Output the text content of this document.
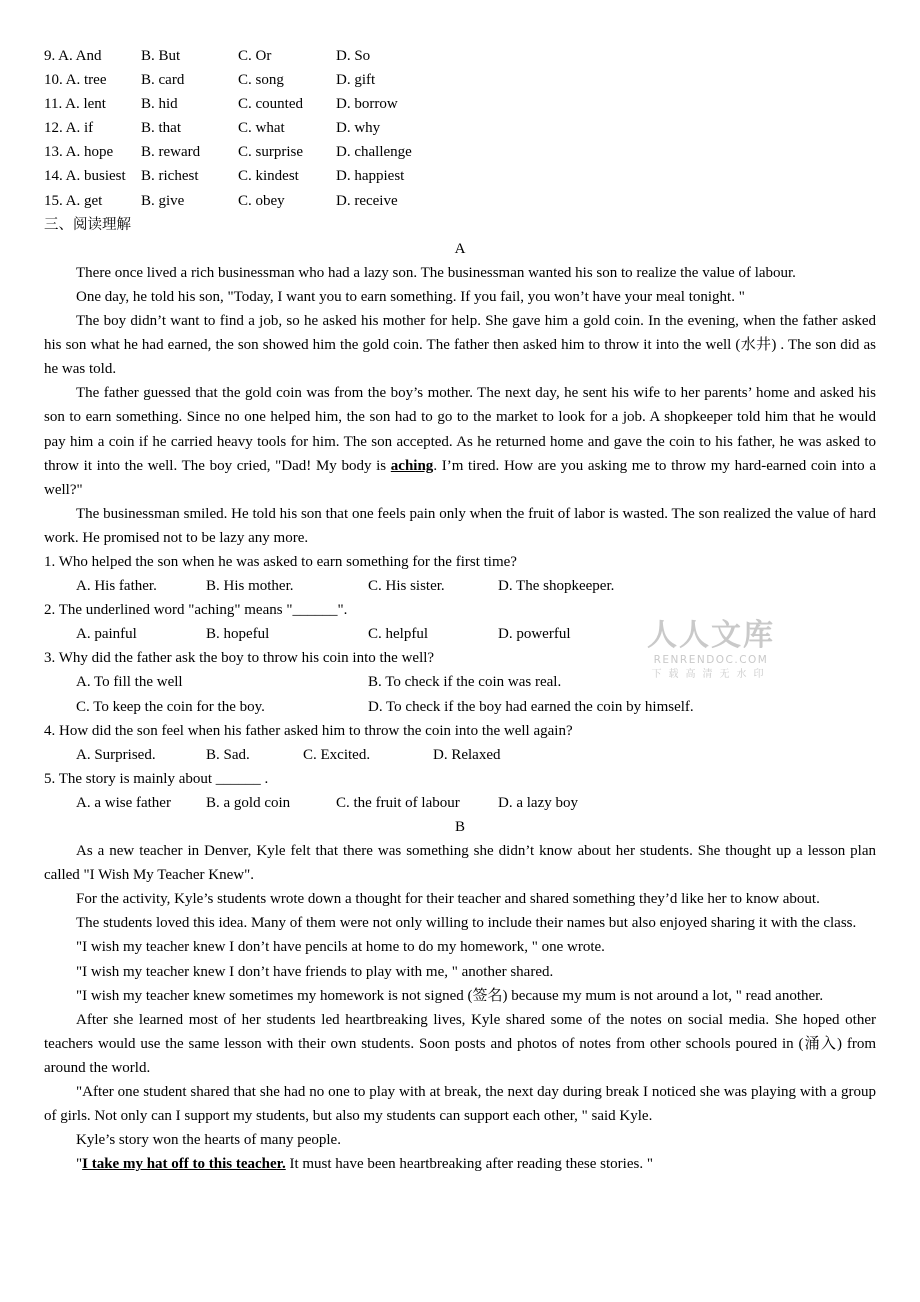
9. A. And	B. But	C. Or	D. So
10. A. tree	B. card	C. song	D. gift
11. A. lent	B. hid	C. counted	D. borrow
12. A. if	B. that	C. what	D. why
13. A. hope	B. reward	C. surprise	D. challenge
14. A. busiest	B. richest	C. kindest	D. happiest
15. A. get	B. give	C. obey	D. receive
三、阅读理解
A

There once lived a rich businessman who had a lazy son. The businessman wanted his son to realize the value of labour.

One day, he told his son, "Today, I want you to earn something. If you fail, you won’t have your meal tonight. "

The boy didn’t want to find a job, so he asked his mother for help. She gave him a gold coin. In the evening, when the father asked his son what he had earned, the son showed him the gold coin. The father then asked him to throw it into the well (水井) . The son did as he was told.

The father guessed that the gold coin was from the boy’s mother. The next day, he sent his wife to her parents’ home and asked his son to earn something. Since no one helped him, the son had to go to the market to look for a job. A shopkeeper told him that he would pay him a coin if he carried heavy tools for him. The son accepted. As he returned home and gave the coin to his father, he was asked to throw it into the well. The boy cried, "Dad! My body is aching. I’m tired. How are you asking me to throw my hard-earned coin into a well?"

The businessman smiled. He told his son that one feels pain only when the fruit of labor is wasted. The son realized the value of hard work. He promised not to be lazy any more.

1. Who helped the son when he was asked to earn something for the first time?
A. His father.	B. His mother.	C. His sister.	D. The shopkeeper.
2. The underlined word "aching" means "______".
A. painful	B. hopeful	C. helpful	D. powerful
3. Why did the father ask the boy to throw his coin into the well?
A. To fill the well	B. To check if the coin was real.
C. To keep the coin for the boy.	D. To check if the boy had earned the coin by himself.
4. How did the son feel when his father asked him to throw the coin into the well again?
A. Surprised.	B. Sad.	C. Excited.	D. Relaxed
5. The story is mainly about ______ .
A. a wise father	B. a gold coin	C. the fruit of labour	D. a lazy boy
B

As a new teacher in Denver, Kyle felt that there was something she didn’t know about her students. She thought up a lesson plan called "I Wish My Teacher Knew".

For the activity, Kyle’s students wrote down a thought for their teacher and shared something they’d like her to know about.

The students loved this idea. Many of them were not only willing to include their names but also enjoyed sharing it with the class.

"I wish my teacher knew I don’t have pencils at home to do my homework, " one wrote.

"I wish my teacher knew I don’t have friends to play with me, " another shared.

"I wish my teacher knew sometimes my homework is not signed (签名) because my mum is not around a lot, " read another.

After she learned most of her students led heartbreaking lives, Kyle shared some of the notes on social media. She hoped other teachers would use the same lesson with their own students. Soon posts and photos of notes from other schools poured in (涌入) from around the world.

"After one student shared that she had no one to play with at break, the next day during break I noticed she was playing with a group of girls. Not only can I support my students, but also my students can support each other, " said Kyle.

Kyle’s story won the hearts of many people.

"I take my hat off to this teacher. It must have been heartbreaking after reading these stories. "

人人文库
RENRENDOC.COM
下载高清无水印
